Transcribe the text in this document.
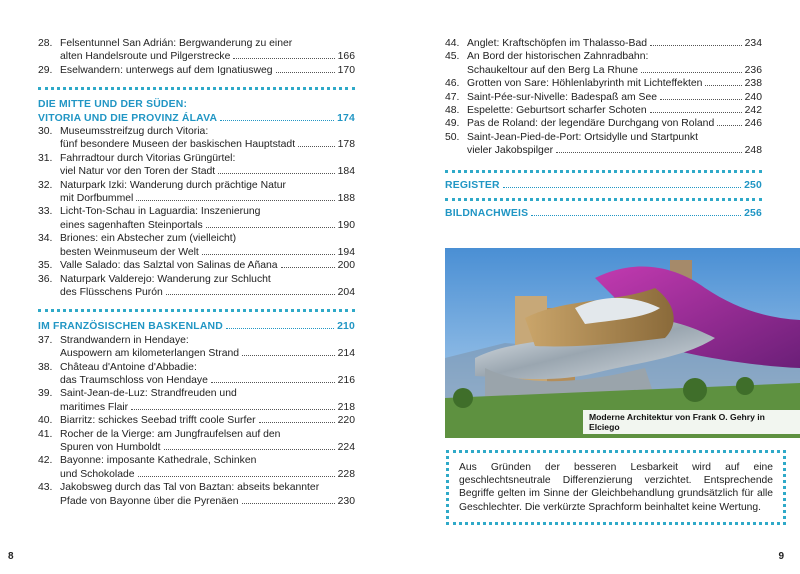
28. Felsentunnel San Adrián: Bergwanderung zu einer
alten Handelsroute und Pilgerstrecke	166
29. Eselwandern: unterwegs auf dem Ignatiusweg	170
DIE MITTE UND DER SÜDEN:
VITORIA UND DIE PROVINZ ÁLAVA	174
30. Museumsstreifzug durch Vitoria:
fünf besondere Museen der baskischen Hauptstadt	178
31. Fahrradtour durch Vitorias Grüngürtel:
viel Natur vor den Toren der Stadt	184
32. Naturpark Izki: Wanderung durch prächtige Natur
mit Dorfbummel	188
33. Licht-Ton-Schau in Laguardia: Inszenierung
eines sagenhaften Steinportals	190
34. Briones: ein Abstecher zum (vielleicht)
besten Weinmuseum der Welt	194
35. Valle Salado: das Salztal von Salinas de Añana	200
36. Naturpark Valderejo: Wanderung zur Schlucht
des Flüsschens Purón	204
IM FRANZÖSISCHEN BASKENLAND	210
37. Strandwandern in Hendaye:
Auspowern am kilometerlangen Strand	214
38. Château d'Antoine d'Abbadie:
das Traumschloss von Hendaye	216
39. Saint-Jean-de-Luz: Strandfreuden und
maritimes Flair	218
40. Biarritz: schickes Seebad trifft coole Surfer	220
41. Rocher de la Vierge: am Jungfraufelsen auf den
Spuren von Humboldt	224
42. Bayonne: imposante Kathedrale, Schinken
und Schokolade	228
43. Jakobsweg durch das Tal von Baztan: abseits bekannter
Pfade von Bayonne über die Pyrenäen	230
8
44. Anglet: Kraftschöpfen im Thalasso-Bad	234
45. An Bord der historischen Zahnradbahn:
Schaukeltour auf den Berg La Rhune	236
46. Grotten von Sare: Höhlenlabyrinth mit Lichteffekten	238
47. Saint-Pée-sur-Nivelle: Badespaß am See	240
48. Espelette: Geburtsort scharfer Schoten	242
49. Pas de Roland: der legendäre Durchgang von Roland	246
50. Saint-Jean-Pied-de-Port: Ortsidylle und Startpunkt
vieler Jakobspilger	248
REGISTER	250
BILDNACHWEIS	256
Moderne Architektur von Frank O. Gehry in Elciego
Aus Gründen der besseren Lesbarkeit wird auf eine geschlechtsneutrale Differenzierung verzichtet. Entsprechende Begriffe gelten im Sinne der Gleichbehandlung grundsätzlich für alle Geschlechter. Die verkürzte Sprachform beinhaltet keine Wertung.
9
